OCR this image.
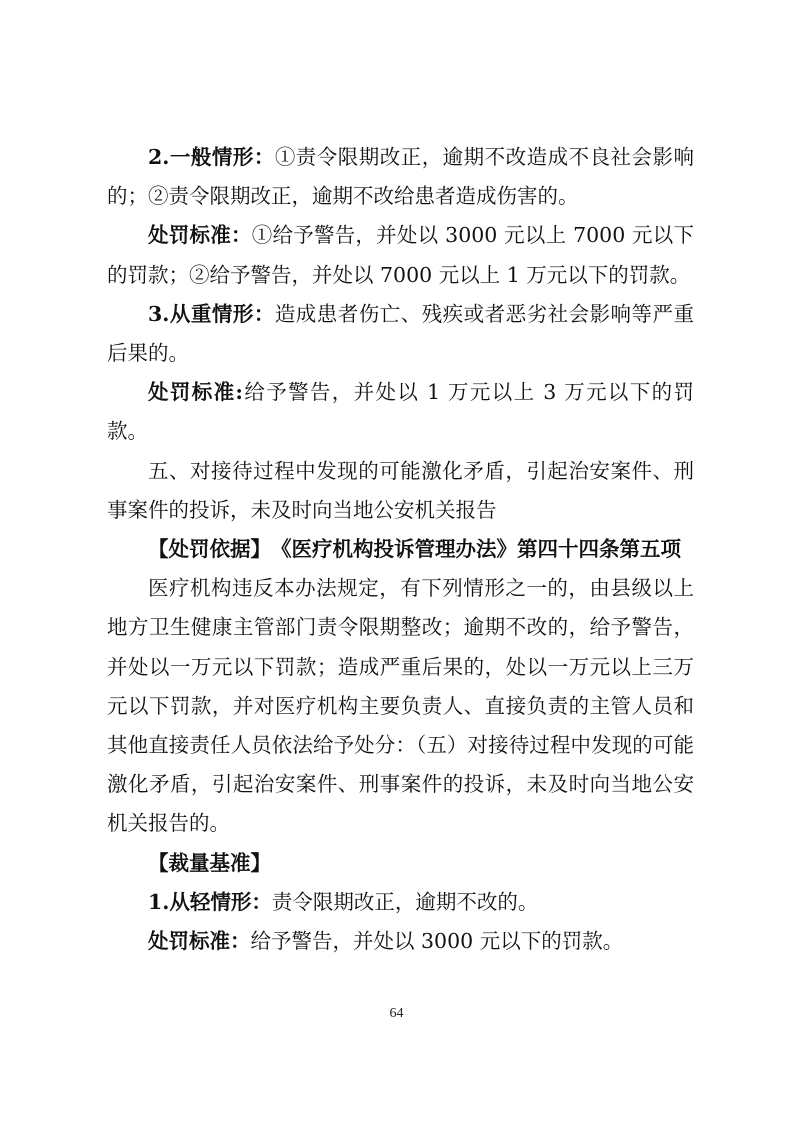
2.一般情形：①责令限期改正，逾期不改造成不良社会影响的；②责令限期改正，逾期不改给患者造成伤害的。

处罚标准：①给予警告，并处以 3000 元以上 7000 元以下的罚款；②给予警告，并处以 7000 元以上 1 万元以下的罚款。

3.从重情形：造成患者伤亡、残疾或者恶劣社会影响等严重后果的。

处罚标准:给予警告，并处以 1 万元以上 3 万元以下的罚款。

五、对接待过程中发现的可能激化矛盾，引起治安案件、刑事案件的投诉，未及时向当地公安机关报告

【处罚依据】　《医疗机构投诉管理办法》第四十四条第五项

医疗机构违反本办法规定，有下列情形之一的，由县级以上地方卫生健康主管部门责令限期整改；逾期不改的，给予警告，并处以一万元以下罚款；造成严重后果的，处以一万元以上三万元以下罚款，并对医疗机构主要负责人、直接负责的主管人员和其他直接责任人员依法给予处分：（五）对接待过程中发现的可能激化矛盾，引起治安案件、刑事案件的投诉，未及时向当地公安机关报告的。

【裁量基准】

1.从轻情形：责令限期改正，逾期不改的。

处罚标准：给予警告，并处以 3000 元以下的罚款。

64
